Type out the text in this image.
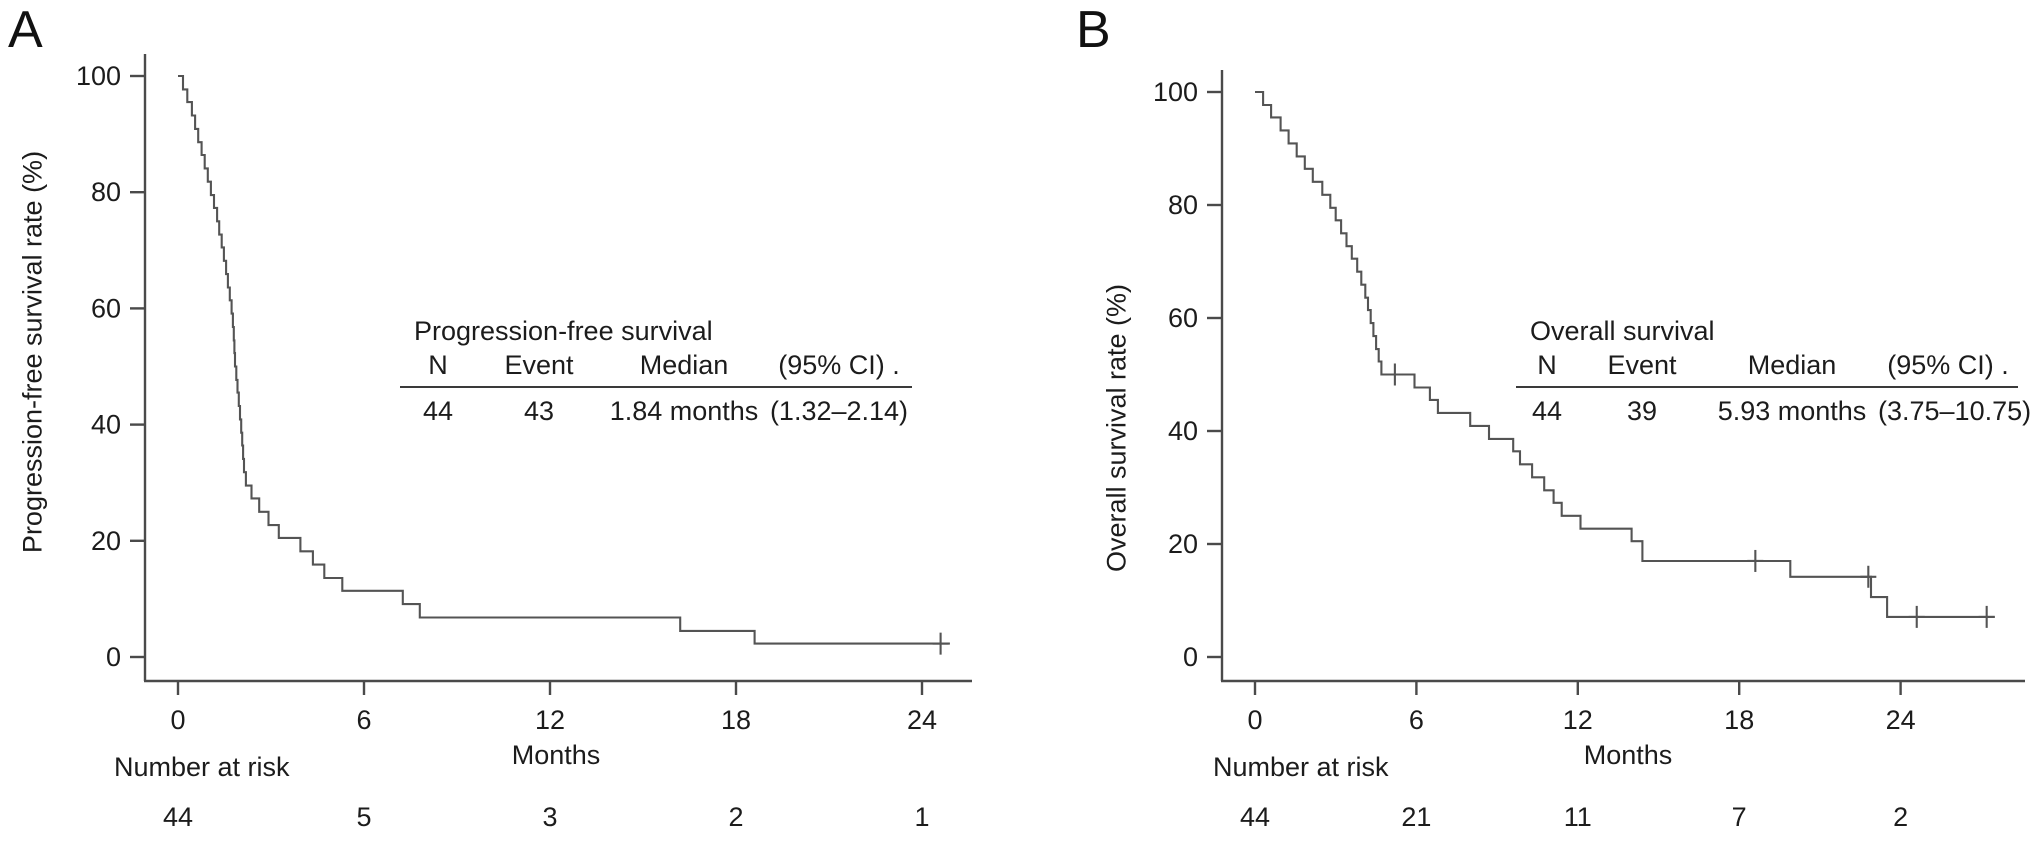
A
Progression-free survival rate (%)
0
20
40
60
80
100
0	6	12	18	24
44	5	3	2	1
Progression-free survival
N	Event	Median	(95% CI) .
44	43	1.84 months (1.32–2.14)
Months
Number at risk
B
Overall survival rate (%)
0
20
40
60
80
100
0	6	12	18	24
44	21	11	7	2
Overall survival
N	Event	Median	(95% CI) .
44	39	5.93 months (3.75–10.75)
Months
Number at risk
